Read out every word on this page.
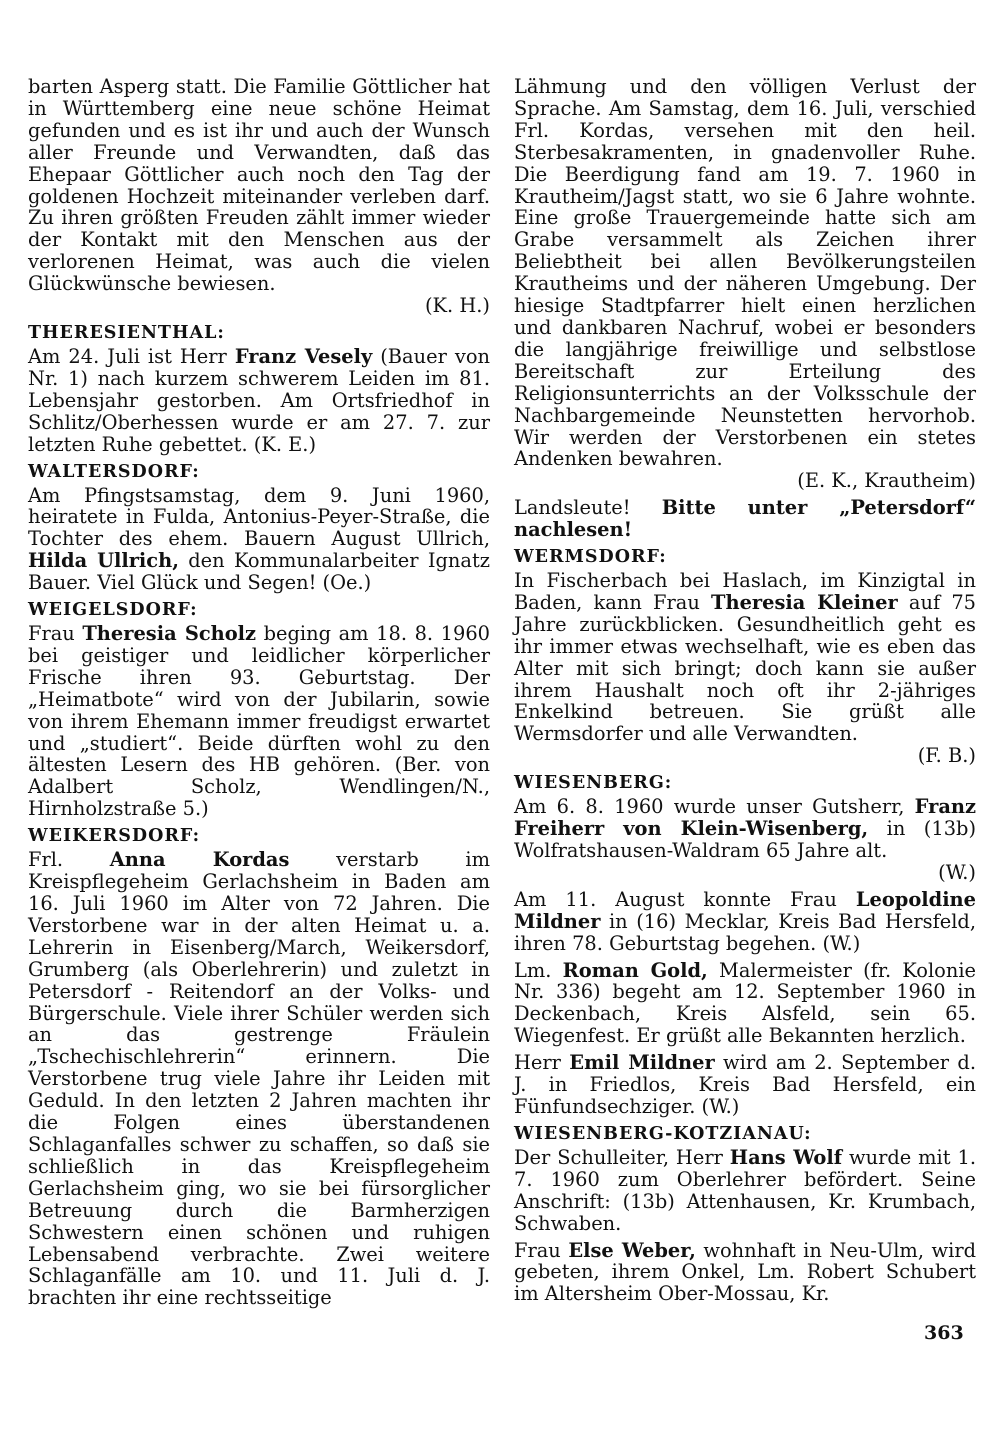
barten Asperg statt. Die Familie Göttlicher hat in Württemberg eine neue schöne Heimat gefunden und es ist ihr und auch der Wunsch aller Freunde und Verwandten, daß das Ehepaar Göttlicher auch noch den Tag der goldenen Hochzeit miteinander verleben darf. Zu ihren größten Freuden zählt immer wieder der Kontakt mit den Menschen aus der verlorenen Heimat, was auch die vielen Glückwünsche bewiesen.
(K. H.)

THERESIENTHAL:

Am 24. Juli ist Herr Franz Vesely (Bauer von Nr. 1) nach kurzem schwerem Leiden im 81. Lebensjahr gestorben. Am Ortsfriedhof in Schlitz/Oberhessen wurde er am 27. 7. zur letzten Ruhe gebettet. (K. E.)

WALTERSDORF:

Am Pfingstsamstag, dem 9. Juni 1960, heiratete in Fulda, Antonius-Peyer-Straße, die Tochter des ehem. Bauern August Ullrich, Hilda Ullrich, den Kommunalarbeiter Ignatz Bauer. Viel Glück und Segen! (Oe.)

WEIGELSDORF:

Frau Theresia Scholz beging am 18. 8. 1960 bei geistiger und leidlicher körperlicher Frische ihren 93. Geburtstag. Der „Heimatbote“ wird von der Jubilarin, sowie von ihrem Ehemann immer freudigst erwartet und „studiert“. Beide dürften wohl zu den ältesten Lesern des HB gehören. (Ber. von Adalbert Scholz, Wendlingen/N., Hirnholzstraße 5.)

WEIKERSDORF:

Frl. Anna Kordas verstarb im Kreispflegeheim Gerlachsheim in Baden am 16. Juli 1960 im Alter von 72 Jahren. Die Verstorbene war in der alten Heimat u. a. Lehrerin in Eisenberg/March, Weikersdorf, Grumberg (als Oberlehrerin) und zuletzt in Petersdorf - Reitendorf an der Volks- und Bürgerschule. Viele ihrer Schüler werden sich an das gestrenge Fräulein „Tschechischlehrerin“ erinnern. Die Verstorbene trug viele Jahre ihr Leiden mit Geduld. In den letzten 2 Jahren machten ihr die Folgen eines überstandenen Schlaganfalles schwer zu schaffen, so daß sie schließlich in das Kreispflegeheim Gerlachsheim ging, wo sie bei fürsorglicher Betreuung durch die Barmherzigen Schwestern einen schönen und ruhigen Lebensabend verbrachte. Zwei weitere Schlaganfälle am 10. und 11. Juli d. J. brachten ihr eine rechtsseitige

Lähmung und den völligen Verlust der Sprache. Am Samstag, dem 16. Juli, verschied Frl. Kordas, versehen mit den heil. Sterbesakramenten, in gnadenvoller Ruhe. Die Beerdigung fand am 19. 7. 1960 in Krautheim/Jagst statt, wo sie 6 Jahre wohnte. Eine große Trauergemeinde hatte sich am Grabe versammelt als Zeichen ihrer Beliebtheit bei allen Bevölkerungsteilen Krautheims und der näheren Umgebung. Der hiesige Stadtpfarrer hielt einen herzlichen und dankbaren Nachruf, wobei er besonders die langjährige freiwillige und selbstlose Bereitschaft zur Erteilung des Religionsunterrichts an der Volksschule der Nachbargemeinde Neunstetten hervorhob. Wir werden der Verstorbenen ein stetes Andenken bewahren.
(E. K., Krautheim)

Landsleute! Bitte unter „Petersdorf“ nachlesen!

WERMSDORF:

In Fischerbach bei Haslach, im Kinzigtal in Baden, kann Frau Theresia Kleiner auf 75 Jahre zurückblicken. Gesundheitlich geht es ihr immer etwas wechselhaft, wie es eben das Alter mit sich bringt; doch kann sie außer ihrem Haushalt noch oft ihr 2-jähriges Enkelkind betreuen. Sie grüßt alle Wermsdorfer und alle Verwandten.
(F. B.)

WIESENBERG:

Am 6. 8. 1960 wurde unser Gutsherr, Franz Freiherr von Klein-Wisenberg, in (13b) Wolfratshausen-Waldram 65 Jahre alt.
(W.)

Am 11. August konnte Frau Leopoldine Mildner in (16) Mecklar, Kreis Bad Hersfeld, ihren 78. Geburtstag begehen. (W.)

Lm. Roman Gold, Malermeister (fr. Kolonie Nr. 336) begeht am 12. September 1960 in Deckenbach, Kreis Alsfeld, sein 65. Wiegenfest. Er grüßt alle Bekannten herzlich.

Herr Emil Mildner wird am 2. September d. J. in Friedlos, Kreis Bad Hersfeld, ein Fünfundsechziger. (W.)

WIESENBERG-KOTZIANAU:

Der Schulleiter, Herr Hans Wolf wurde mit 1. 7. 1960 zum Oberlehrer befördert. Seine Anschrift: (13b) Attenhausen, Kr. Krumbach, Schwaben.

Frau Else Weber, wohnhaft in Neu-Ulm, wird gebeten, ihrem Onkel, Lm. Robert Schubert im Altersheim Ober-Mossau, Kr.

363
